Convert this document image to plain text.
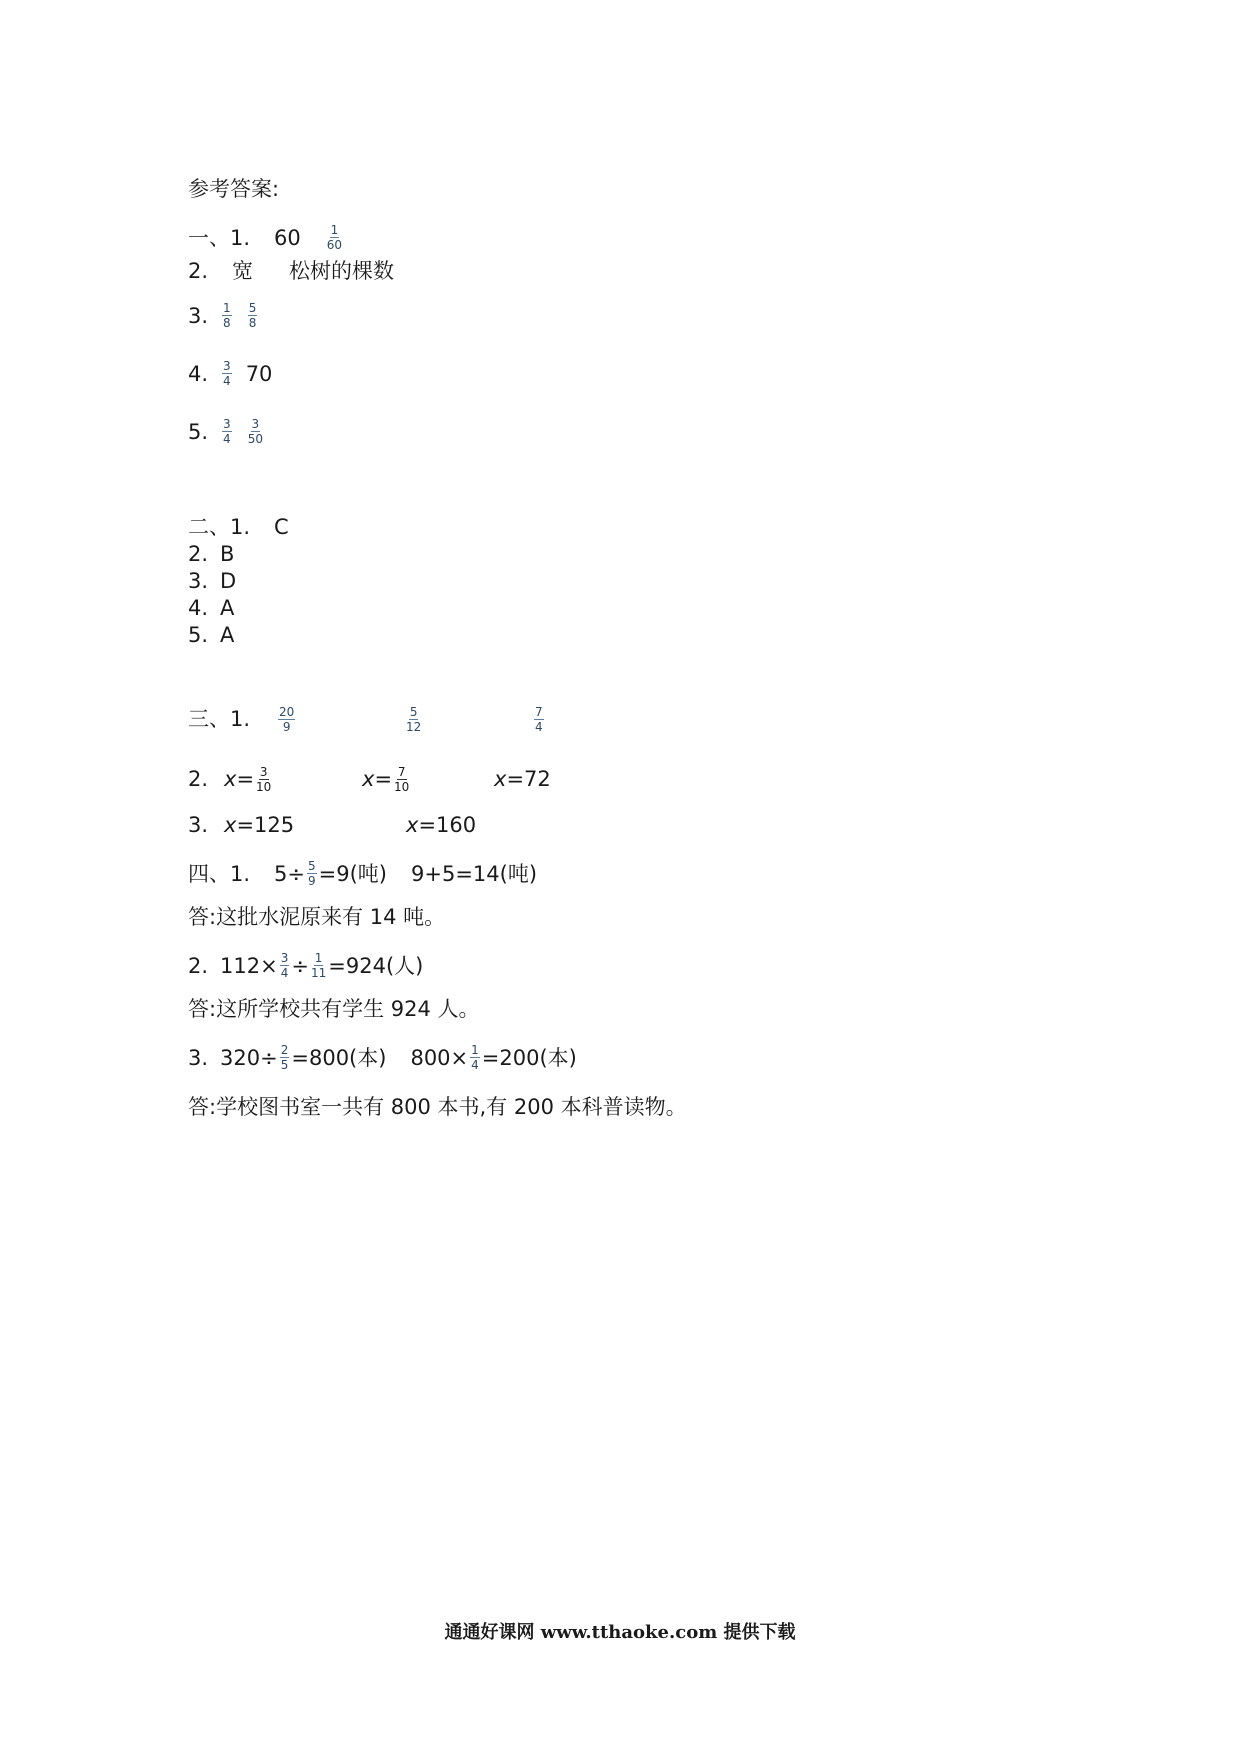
参考答案:
一、1. $60 \frac{1}{60}$
2. 宽 松树的棵数
3. $\frac{1}{8} \frac{5}{8}$
4. $\frac{3}{4} 70$
5. $\frac{3}{4} \frac{3}{50}$
二、1. C
2. B
3. D
4. A
5. A
三、1. $\frac{20}{9}$	$\frac{5}{12}$	$\frac{7}{4}$
2. $x = \frac{3}{10}$	$x = \frac{7}{10}$	x = 72
3. x =125	x =160
四、1. $5\div \frac{5}{9} =9$(吨) 9+5=14(吨)
答:这批水泥原来有 14 吨。
2. $112\times \frac{3}{4} \div \frac{1}{11} =924$(人)
答:这所学校共有学生 924 人。
3. $320\div \frac{2}{5} =800$(本) $800\times \frac{1}{4} =200$(本)
答:学校图书室一共有 800 本书,有 200 本科普读物。
通通好课网 www.tthaoke.com 提供下载
